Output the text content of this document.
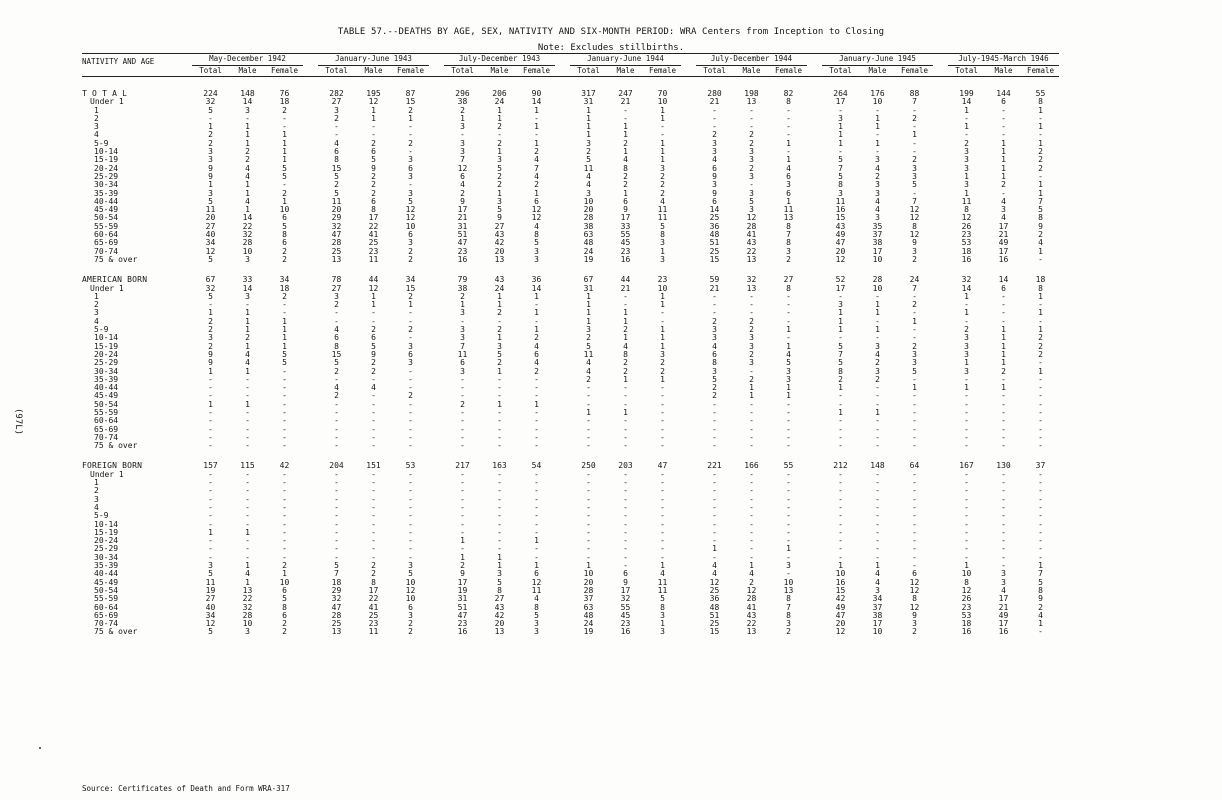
TABLE 57.--DEATHS BY AGE, SEX, NATIVITY AND SIX-MONTH PERIOD: WRA Centers from Inception to Closing
Note: Excludes stillbirths.
(97L)
NATIVITY AND AGE	May-December 1942				January-June 1943				July-December 1943				January-June 1944				July-December 1944				January-June 1945				July-1945-March 1946		
	Total	Male	Female		Total	Male	Female		Total	Male	Female		Total	Male	Female		Total	Male	Female		Total	Male	Female		Total	Male	Female

T O T A L	224	148	76		282	195	87		296	206	90		317	247	70		280	198	82		264	176	88		199	144	55
Under 1	32	14	18		27	12	15		38	24	14		31	21	10		21	13	8		17	10	7		14	6	8
1	5	3	2		3	1	2		2	1	1		1	-	1		-	-	-		-	-	-		1	-	1
2	-	-	-		2	1	1		1	1	-		1	-	1		-	-	-		3	1	2		-	-	-
3	1	1	-		-	-	-		3	2	1		1	1	-		-	-	-		1	1	-		1	-	1
4	2	1	1		-	-	-		-	-	-		1	1	-		2	2	-		1	-	1		-	-	-
5-9	2	1	1		4	2	2		3	2	1		3	2	1		3	2	1		1	1	-		2	1	1
10-14	3	2	1		6	6	-		3	1	2		2	1	1		3	3	-		-	-	-		3	1	2
15-19	3	2	1		8	5	3		7	3	4		5	4	1		4	3	1		5	3	2		3	1	2
20-24	9	4	5		15	9	6		12	5	7		11	8	3		6	2	4		7	4	3		3	1	2
25-29	9	4	5		5	2	3		6	2	4		4	2	2		9	3	6		5	2	3		1	1	-
30-34	1	1	-		2	2	-		4	2	2		4	2	2		3	-	3		8	3	5		3	2	1
35-39	3	1	2		5	2	3		2	1	1		3	1	2		9	3	6		3	3	-		1	-	1
40-44	5	4	1		11	6	5		9	3	6		10	6	4		6	5	1		11	4	7		11	4	7
45-49	11	1	10		20	8	12		17	5	12		20	9	11		14	3	11		16	4	12		8	3	5
50-54	20	14	6		29	17	12		21	9	12		28	17	11		25	12	13		15	3	12		12	4	8
55-59	27	22	5		32	22	10		31	27	4		38	33	5		36	28	8		43	35	8		26	17	9
60-64	40	32	8		47	41	6		51	43	8		63	55	8		48	41	7		49	37	12		23	21	2
65-69	34	28	6		28	25	3		47	42	5		48	45	3		51	43	8		47	38	9		53	49	4
70-74	12	10	2		25	23	2		23	20	3		24	23	1		25	22	3		20	17	3		18	17	1
75 & over	5	3	2		13	11	2		16	13	3		19	16	3		15	13	2		12	10	2		16	16	-

AMERICAN BORN	67	33	34		78	44	34		79	43	36		67	44	23		59	32	27		52	28	24		32	14	18
Under 1	32	14	18		27	12	15		38	24	14		31	21	10		21	13	8		17	10	7		14	6	8
1	5	3	2		3	1	2		2	1	1		1	-	1		-	-	-		-	-	-		1	-	1
2	-	-	-		2	1	1		1	1	-		1	-	1		-	-	-		3	1	2		-	-	-
3	1	1	-		-	-	-		3	2	1		1	1	-		-	-	-		1	1	-		1	-	1
4	2	1	1		-	-	-		-	-	-		1	1	-		2	2	-		1	-	1		-	-	-
5-9	2	1	1		4	2	2		3	2	1		3	2	1		3	2	1		1	1	-		2	1	1
10-14	3	2	1		6	6	-		3	1	2		2	1	1		3	3	-		-	-	-		3	1	2
15-19	2	1	1		8	5	3		7	3	4		5	4	1		4	3	1		5	3	2		3	1	2
20-24	9	4	5		15	9	6		11	5	6		11	8	3		6	2	4		7	4	3		3	1	2
25-29	9	4	5		5	2	3		6	2	4		4	2	2		8	3	5		5	2	3		1	1	-
30-34	1	1	-		2	2	-		3	1	2		4	2	2		3	-	3		8	3	5		3	2	1
35-39	-	-	-		-	-	-		-	-	-		2	1	1		5	2	3		2	2	-		-	-	-
40-44	-	-	-		4	4	-		-	-	-		-	-	-		2	1	1		1	-	1		1	1	-
45-49	-	-	-		2	-	2		-	-	-		-	-	-		2	1	1		-	-	-		-	-	-
50-54	1	1	-		-	-	-		2	1	1		-	-	-		-	-	-		-	-	-		-	-	-
55-59	-	-	-		-	-	-		-	-	-		1	1	-		-	-	-		1	1	-		-	-	-
60-64	-	-	-		-	-	-		-	-	-		-	-	-		-	-	-		-	-	-		-	-	-
65-69	-	-	-		-	-	-		-	-	-		-	-	-		-	-	-		-	-	-		-	-	-
70-74	-	-	-		-	-	-		-	-	-		-	-	-		-	-	-		-	-	-		-	-	-
75 & over	-	-	-		-	-	-		-	-	-		-	-	-		-	-	-		-	-	-		-	-	-

FOREIGN BORN	157	115	42		204	151	53		217	163	54		250	203	47		221	166	55		212	148	64		167	130	37
Under 1	-	-	-		-	-	-		-	-	-		-	-	-		-	-	-		-	-	-		-	-	-
1	-	-	-		-	-	-		-	-	-		-	-	-		-	-	-		-	-	-		-	-	-
2	-	-	-		-	-	-		-	-	-		-	-	-		-	-	-		-	-	-		-	-	-
3	-	-	-		-	-	-		-	-	-		-	-	-		-	-	-		-	-	-		-	-	-
4	-	-	-		-	-	-		-	-	-		-	-	-		-	-	-		-	-	-		-	-	-
5-9	-	-	-		-	-	-		-	-	-		-	-	-		-	-	-		-	-	-		-	-	-
10-14	-	-	-		-	-	-		-	-	-		-	-	-		-	-	-		-	-	-		-	-	-
15-19	1	1	-		-	-	-		-	-	-		-	-	-		-	-	-		-	-	-		-	-	-
20-24	-	-	-		-	-	-		1	-	1		-	-	-		-	-	-		-	-	-		-	-	-
25-29	-	-	-		-	-	-		-	-	-		-	-	-		1	-	1		-	-	-		-	-	-
30-34	-	-	-		-	-	-		1	1	-		-	-	-		-	-	-		-	-	-		-	-	-
35-39	3	1	2		5	2	3		2	1	1		1	-	1		4	1	3		1	1	-		1	-	1
40-44	5	4	1		7	2	5		9	3	6		10	6	4		4	4	-		10	4	6		10	3	7
45-49	11	1	10		18	8	10		17	5	12		20	9	11		12	2	10		16	4	12		8	3	5
50-54	19	13	6		29	17	12		19	8	11		28	17	11		25	12	13		15	3	12		12	4	8
55-59	27	22	5		32	22	10		31	27	4		37	32	5		36	28	8		42	34	8		26	17	9
60-64	40	32	8		47	41	6		51	43	8		63	55	8		48	41	7		49	37	12		23	21	2
65-69	34	28	6		28	25	3		47	42	5		48	45	3		51	43	8		47	38	9		53	49	4
70-74	12	10	2		25	23	2		23	20	3		24	23	1		25	22	3		20	17	3		18	17	1
75 & over	5	3	2		13	11	2		16	13	3		19	16	3		15	13	2		12	10	2		16	16	-
Source: Certificates of Death and Form WRA-317
